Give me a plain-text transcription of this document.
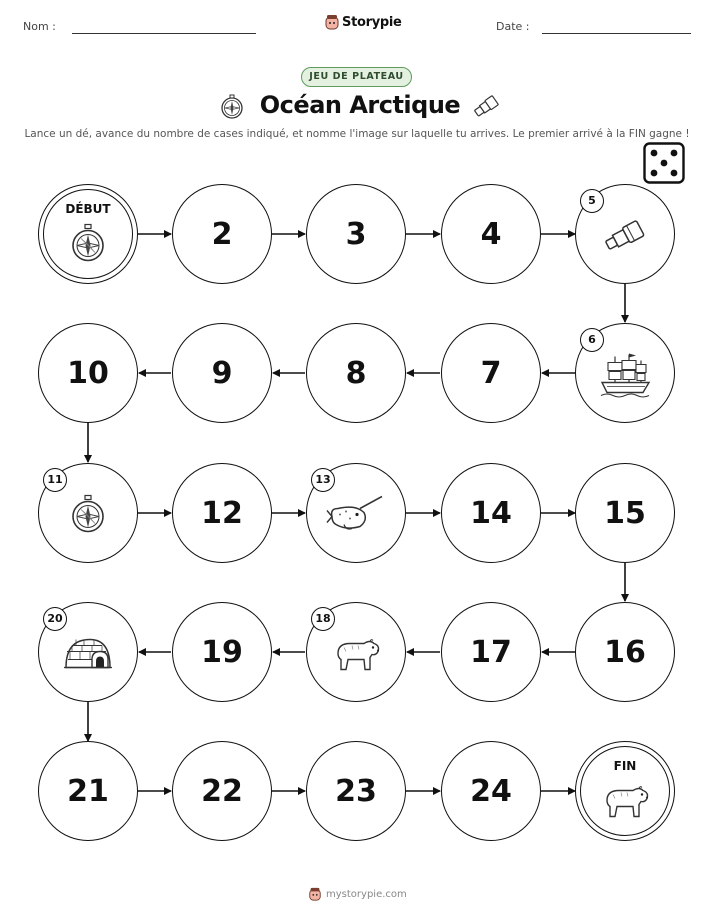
Nom :	Storypie	Date :
JEU DE PLATEAU
Océan Arctique
Lance un dé, avance du nombre de cases indiqué, et nomme l'image sur laquelle tu arrives. Le premier arrivé à la FIN gagne !
DÉBUT
2	3	4
5
6
7
8
9
10
11
12
13
14	15
16
17
18
19
20
21	22	23	24
FIN
mystorypie.com
